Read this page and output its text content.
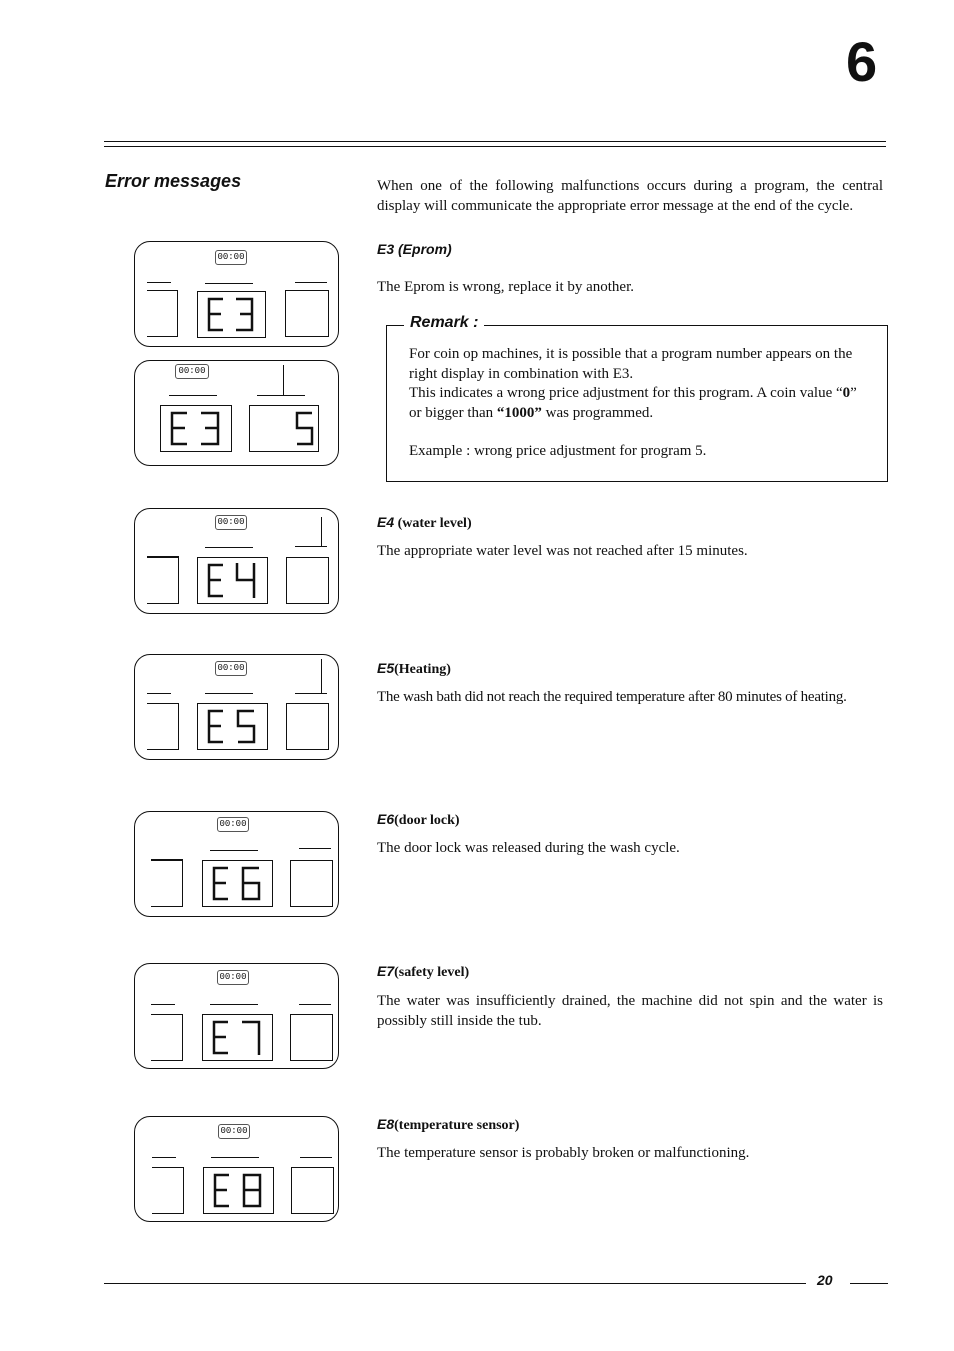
6
Error messages	When one of the following malfunctions occurs during a program, the central display will communicate the appropriate error message at the end of the cycle.
E3 (Eprom)
The Eprom is wrong, replace it by another.
Remark :
For coin op machines, it is possible that a program number appears on the right display in combination with E3.
This indicates a wrong price adjustment for this program. A coin value “0” or bigger than “1000” was programmed.
Example : wrong price adjustment for program 5.
E4 (water level)
The appropriate water level was not reached after 15 minutes.
E5(Heating)
The wash bath did not reach the required temperature after 80 minutes of heating.
E6(door lock)
The door lock was released during the wash cycle.
E7(safety level)
The water was insufficiently drained, the machine did not spin and the water is possibly still inside the tub.
E8(temperature sensor)
The temperature sensor is probably broken or malfunctioning.
00:00
00:00
00:00
00:00
00:00
00:00
00:00
20
